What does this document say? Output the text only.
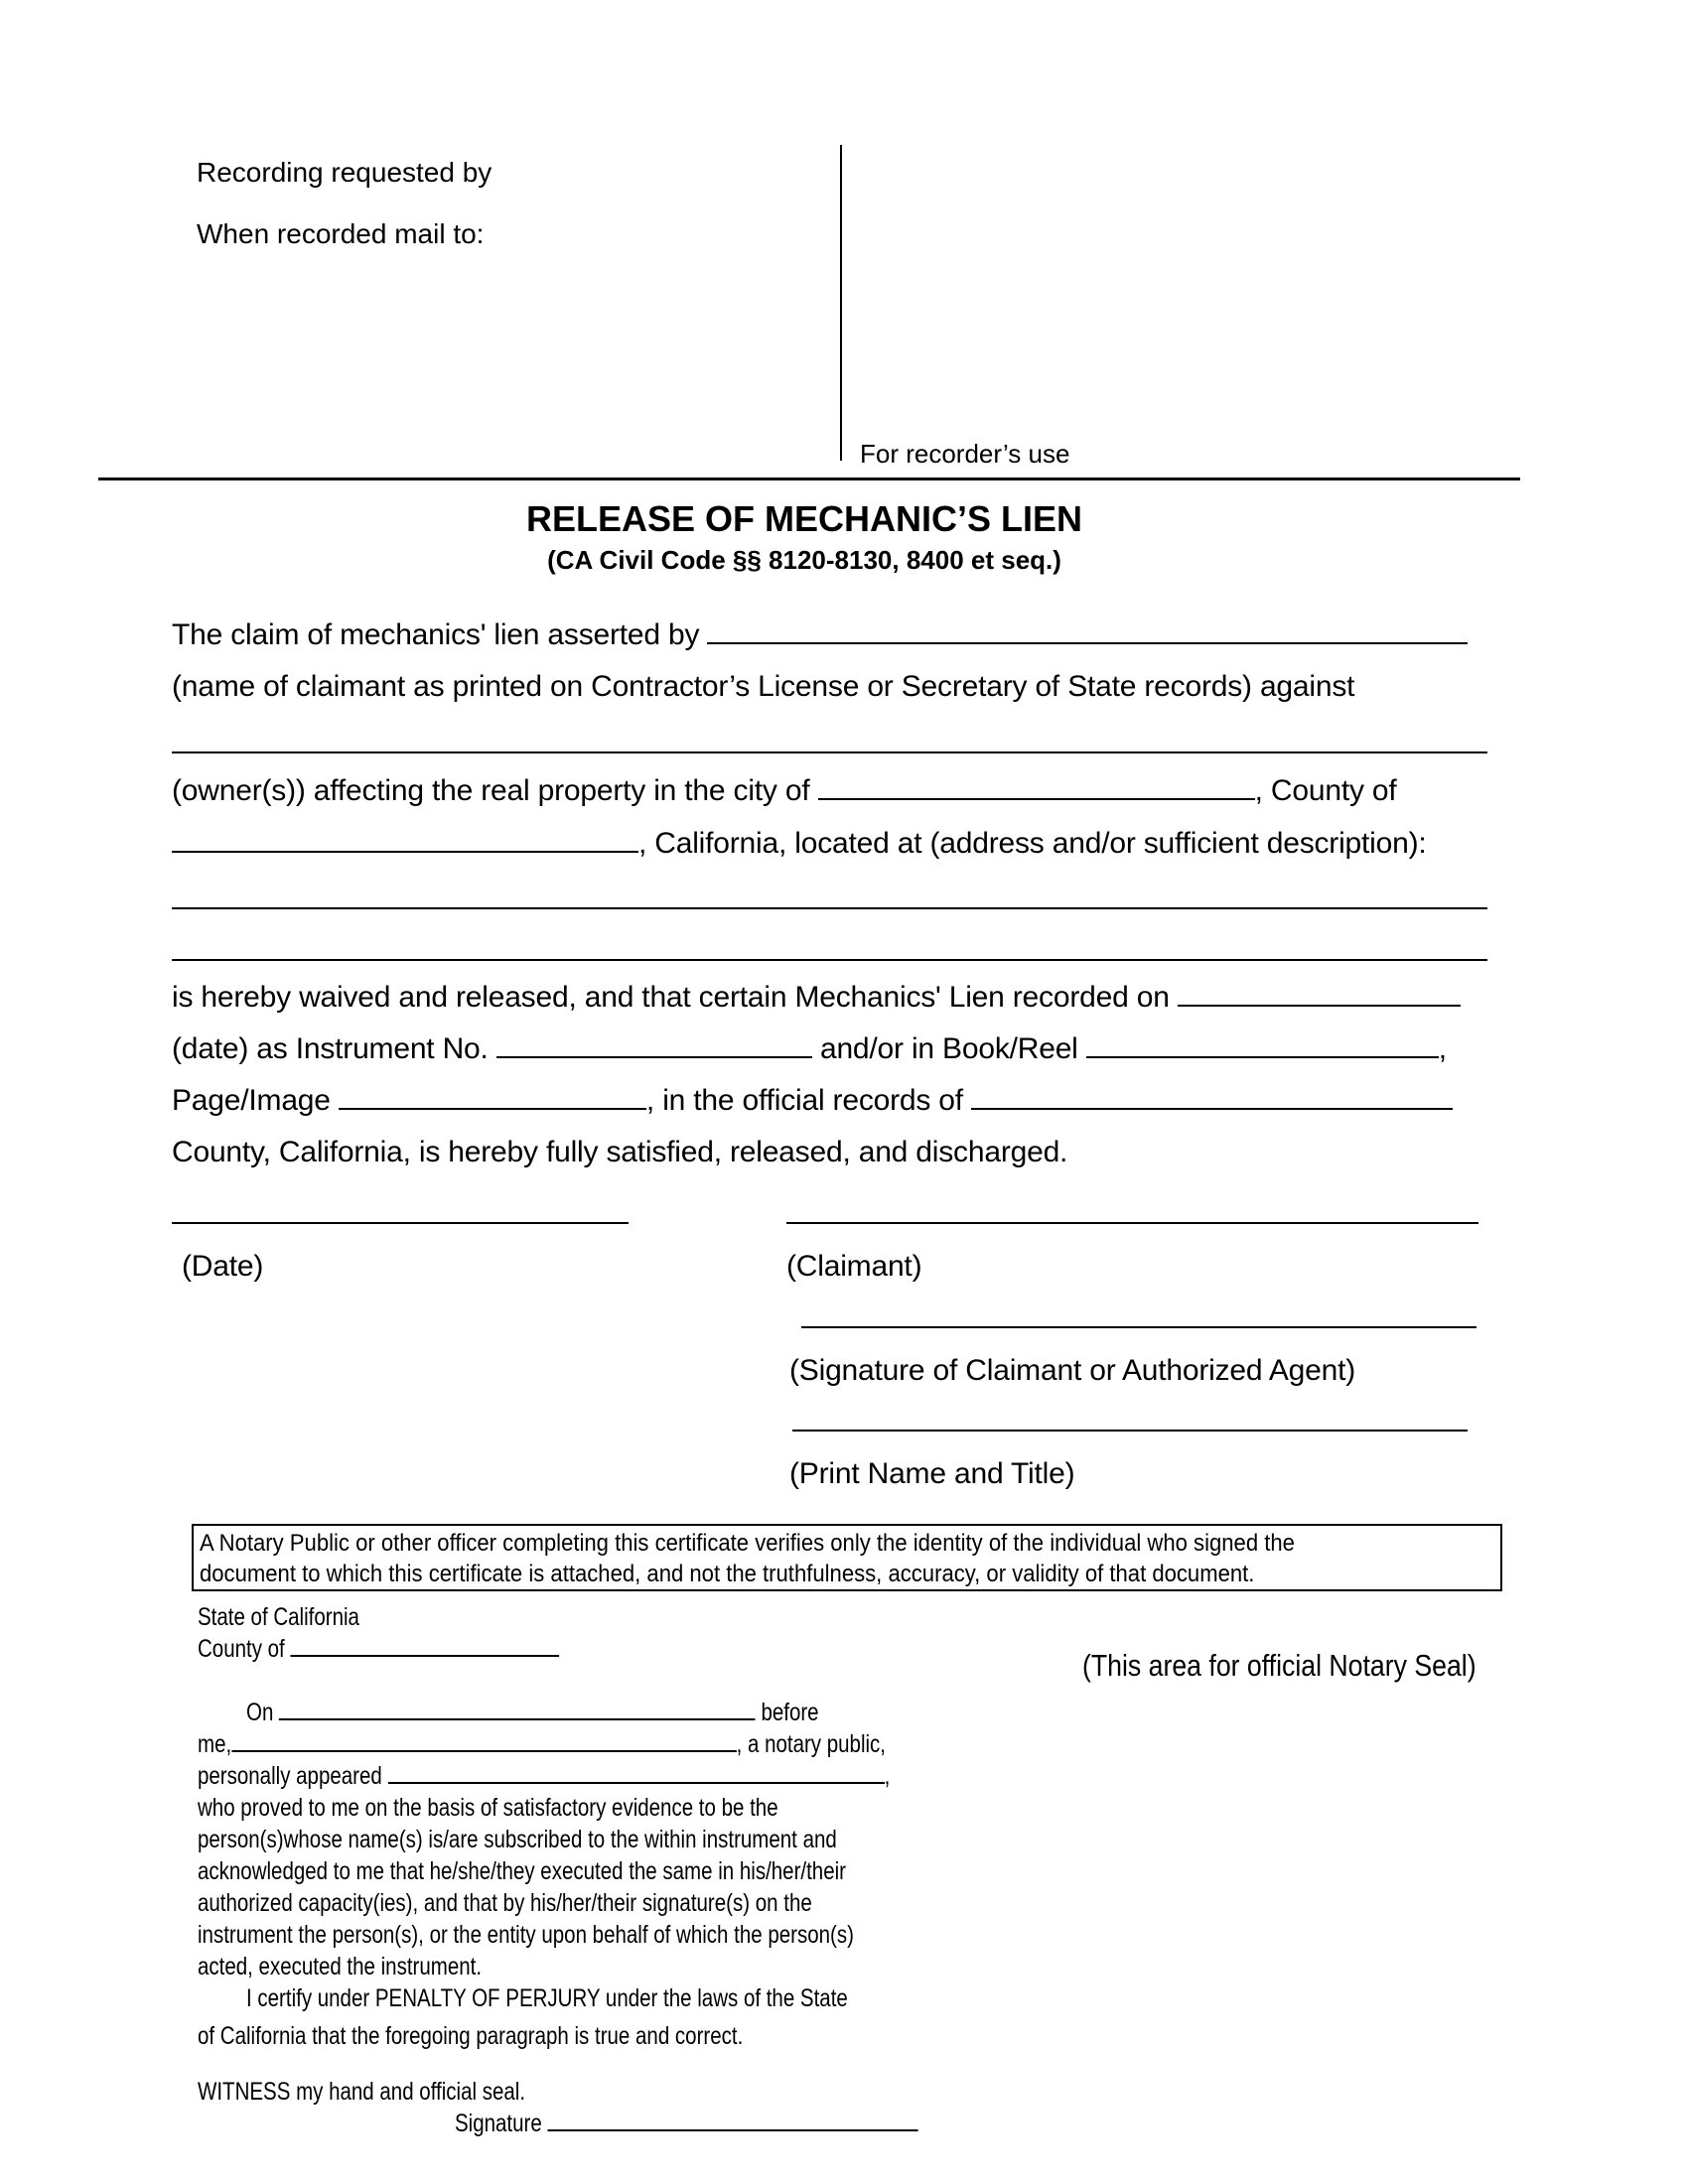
Recording requested by
When recorded mail to:
For recorder’s use
RELEASE OF MECHANIC’S LIEN
(CA Civil Code §§ 8120-8130, 8400 et seq.)
The claim of mechanics' lien asserted by
(name of claimant as printed on Contractor’s License or Secretary of State records) against
(owner(s)) affecting the real property in the city of	, County of
, California, located at (address and/or sufficient description):
is hereby waived and released, and that certain Mechanics' Lien recorded on
(date) as Instrument No.	and/or in Book/Reel	,
Page/Image	, in the official records of
County, California, is hereby fully satisfied, released, and discharged.
(Date)	(Claimant)
(Signature of Claimant or Authorized Agent)
(Print Name and Title)
A Notary Public or other officer completing this certificate verifies only the identity of the individual who signed the
document to which this certificate is attached, and not the truthfulness, accuracy, or validity of that document.
State of California
County of	(This area for official Notary Seal)
On	before
me,	, a notary public,
personally appeared	,
who proved to me on the basis of satisfactory evidence to be the
person(s)whose name(s) is/are subscribed to the within instrument and
acknowledged to me that he/she/they executed the same in his/her/their
authorized capacity(ies), and that by his/her/their signature(s) on the
instrument the person(s), or the entity upon behalf of which the person(s)
acted, executed the instrument.
I certify under PENALTY OF PERJURY under the laws of the State
of California that the foregoing paragraph is true and correct.
WITNESS my hand and official seal.
Signature
